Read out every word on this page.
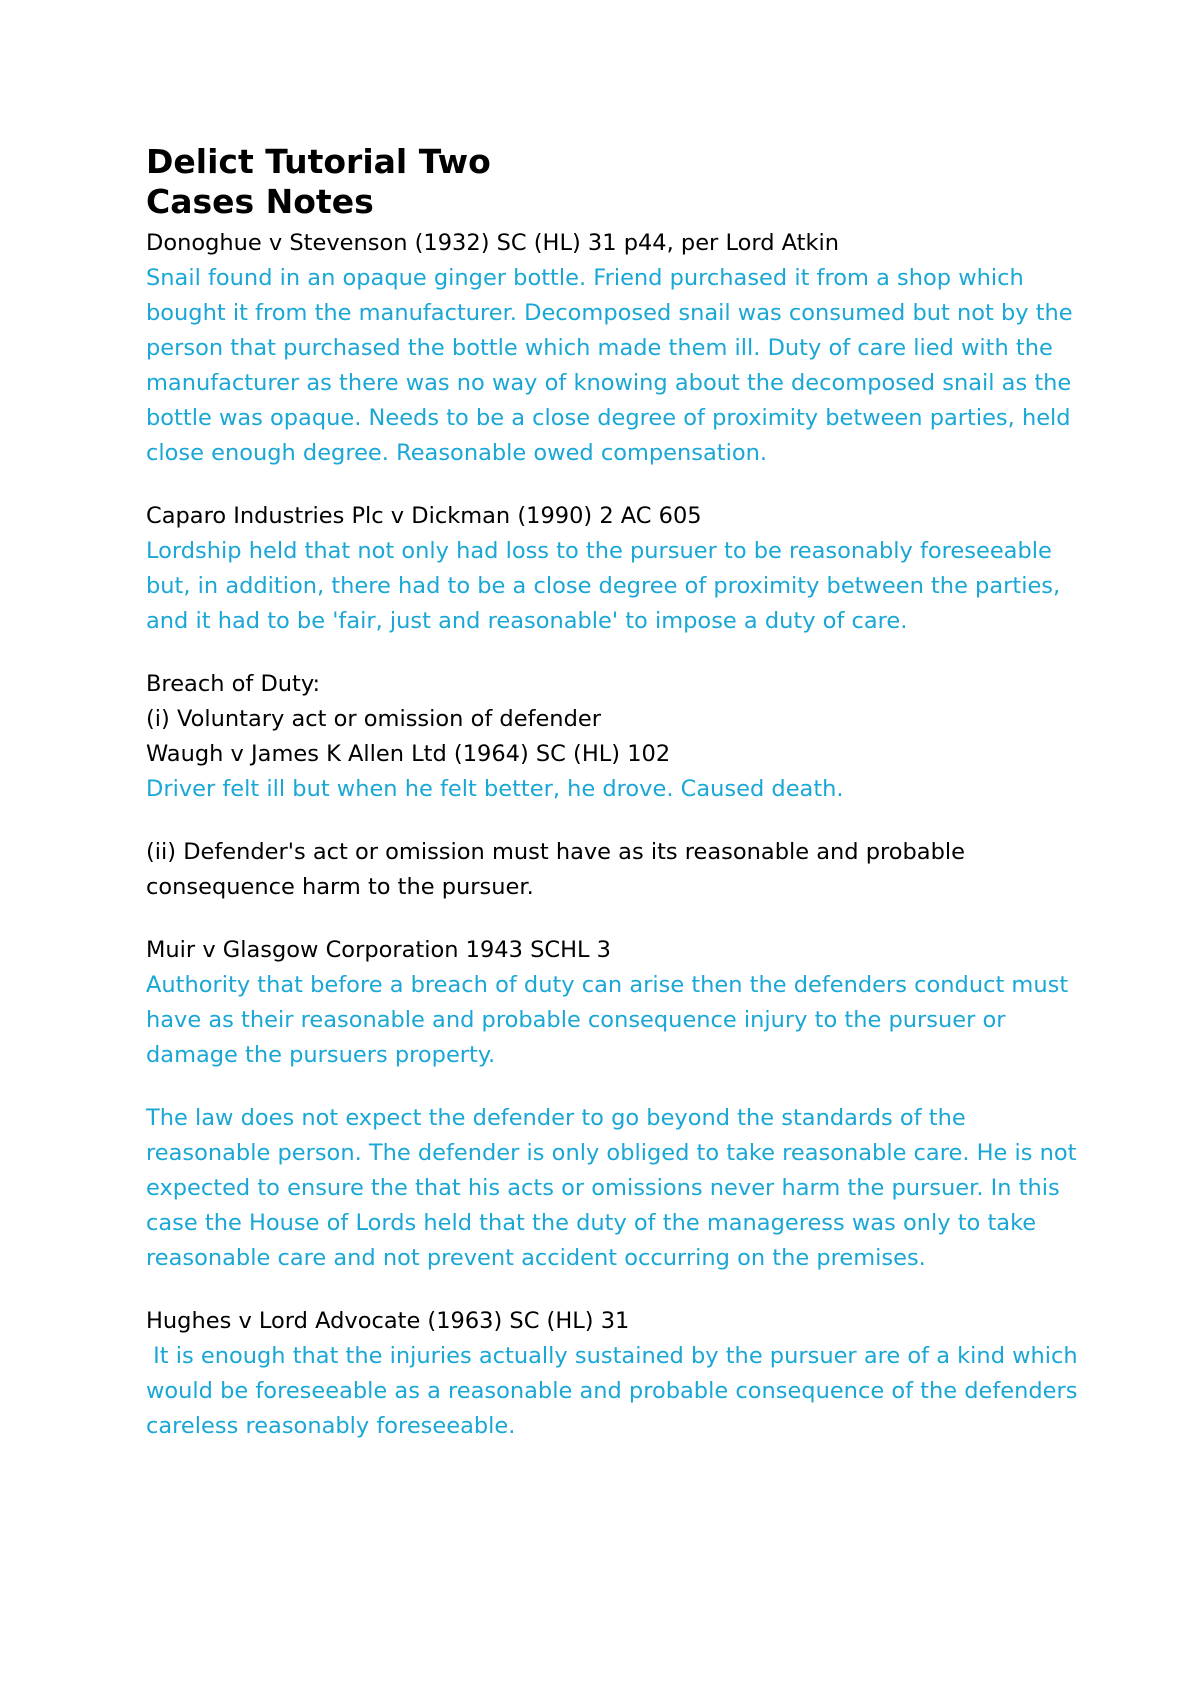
Delict Tutorial Two
Cases Notes

Donoghue v Stevenson (1932) SC (HL) 31 p44, per Lord Atkin

Snail found in an opaque ginger bottle. Friend purchased it from a shop which bought it from the manufacturer. Decomposed snail was consumed but not by the person that purchased the bottle which made them ill. Duty of care lied with the manufacturer as there was no way of knowing about the decomposed snail as the bottle was opaque. Needs to be a close degree of proximity between parties, held close enough degree. Reasonable owed compensation.

Caparo Industries Plc v Dickman (1990) 2 AC 605

Lordship held that not only had loss to the pursuer to be reasonably foreseeable but, in addition, there had to be a close degree of proximity between the parties, and it had to be 'fair, just and reasonable' to impose a duty of care.

Breach of Duty:

(i) Voluntary act or omission of defender

Waugh v James K Allen Ltd (1964) SC (HL) 102

Driver felt ill but when he felt better, he drove. Caused death.

(ii) Defender's act or omission must have as its reasonable and probable consequence harm to the pursuer.

Muir v Glasgow Corporation 1943 SCHL 3

Authority that before a breach of duty can arise then the defenders conduct must have as their reasonable and probable consequence injury to the pursuer or damage the pursuers property.

The law does not expect the defender to go beyond the standards of the reasonable person. The defender is only obliged to take reasonable care. He is not expected to ensure the that his acts or omissions never harm the pursuer. In this case the House of Lords held that the duty of the manageress was only to take reasonable care and not prevent accident occurring on the premises.

Hughes v Lord Advocate (1963) SC (HL) 31

It is enough that the injuries actually sustained by the pursuer are of a kind which would be foreseeable as a reasonable and probable consequence of the defenders careless reasonably foreseeable.
